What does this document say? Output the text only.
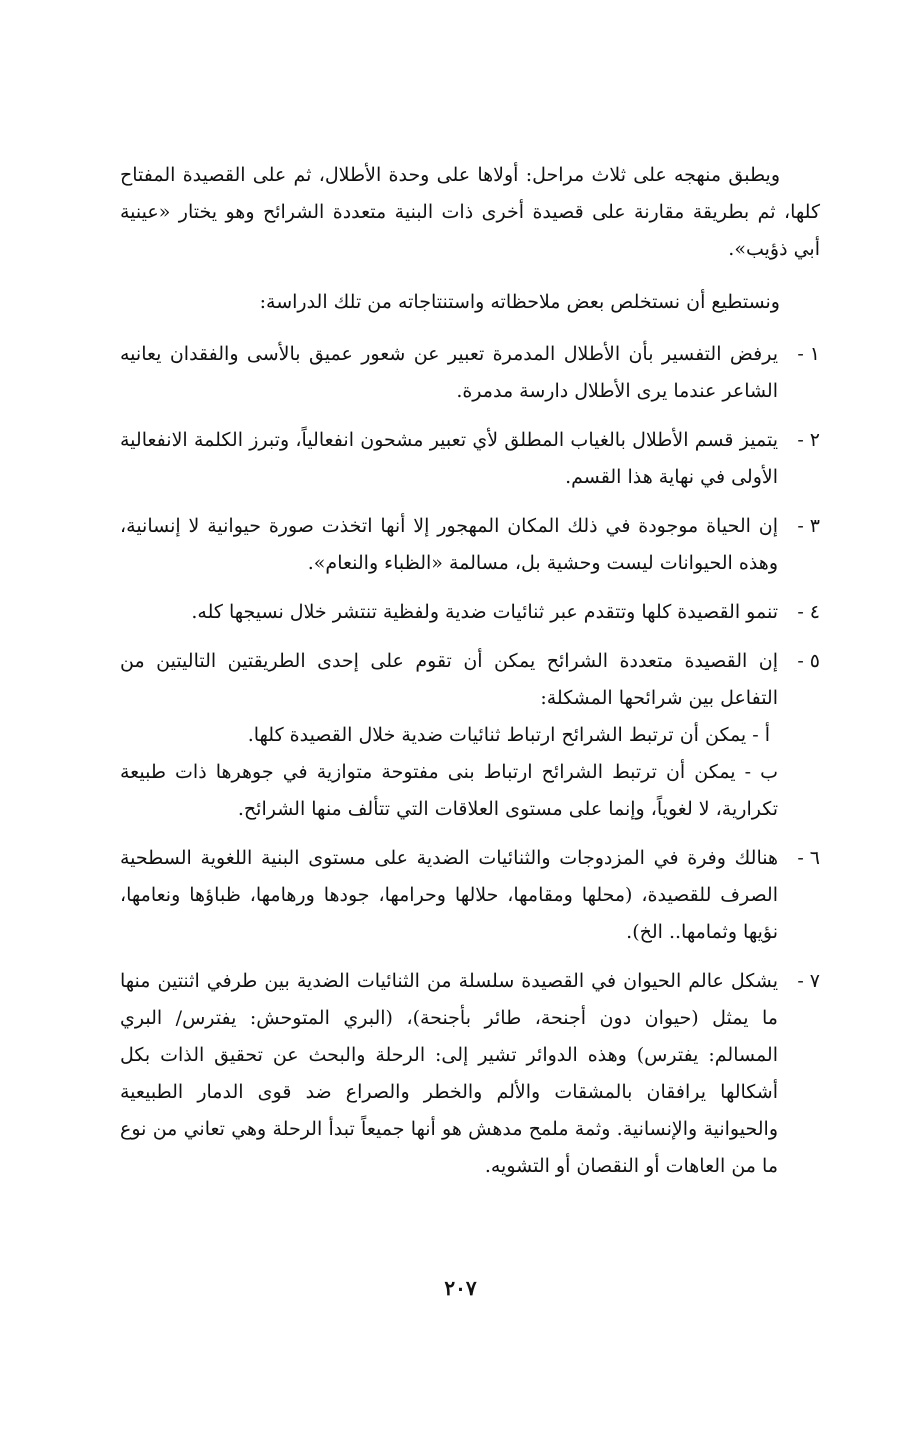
ويطبق منهجه على ثلاث مراحل: أولاها على وحدة الأطلال، ثم على القصيدة المفتاح كلها، ثم بطريقة مقارنة على قصيدة أخرى ذات البنية متعددة الشرائح وهو يختار «عينية أبي ذؤيب».

ونستطيع أن نستخلص بعض ملاحظاته واستنتاجاته من تلك الدراسة:

١ -
يرفض التفسير بأن الأطلال المدمرة تعبير عن شعور عميق بالأسى والفقدان يعانيه الشاعر عندما يرى الأطلال دارسة مدمرة.
٢ -
يتميز قسم الأطلال بالغياب المطلق لأي تعبير مشحون انفعالياً، وتبرز الكلمة الانفعالية الأولى في نهاية هذا القسم.
٣ -
إن الحياة موجودة في ذلك المكان المهجور إلا أنها اتخذت صورة حيوانية لا إنسانية، وهذه الحيوانات ليست وحشية بل، مسالمة «الظباء والنعام».
٤ -
تنمو القصيدة كلها وتتقدم عبر ثنائيات ضدية ولفظية تنتشر خلال نسيجها كله.
٥ -
إن القصيدة متعددة الشرائح يمكن أن تقوم على إحدى الطريقتين التاليتين من التفاعل بين شرائحها المشكلة:
أ - يمكن أن ترتبط الشرائح ارتباط ثنائيات ضدية خلال القصيدة كلها.
ب - يمكن أن ترتبط الشرائح ارتباط بنى مفتوحة متوازية في جوهرها ذات طبيعة تكرارية، لا لغوياً، وإنما على مستوى العلاقات التي تتألف منها الشرائح.
٦ -
هنالك وفرة في المزدوجات والثنائيات الضدية على مستوى البنية اللغوية السطحية الصرف للقصيدة، (محلها ومقامها، حلالها وحرامها، جودها ورهامها، ظباؤها ونعامها، نؤيها وثمامها.. الخ).
٧ -
يشكل عالم الحيوان في القصيدة سلسلة من الثنائيات الضدية بين طرفي اثنتين منها ما يمثل (حيوان دون أجنحة، طائر بأجنحة)، (البري المتوحش: يفترس/ البري المسالم: يفترس) وهذه الدوائر تشير إلى: الرحلة والبحث عن تحقيق الذات بكل أشكالها يرافقان بالمشقات والألم والخطر والصراع ضد قوى الدمار الطبيعية والحيوانية والإنسانية. وثمة ملمح مدهش هو أنها جميعاً تبدأ الرحلة وهي تعاني من نوع ما من العاهات أو النقصان أو التشويه.
٢٠٧
